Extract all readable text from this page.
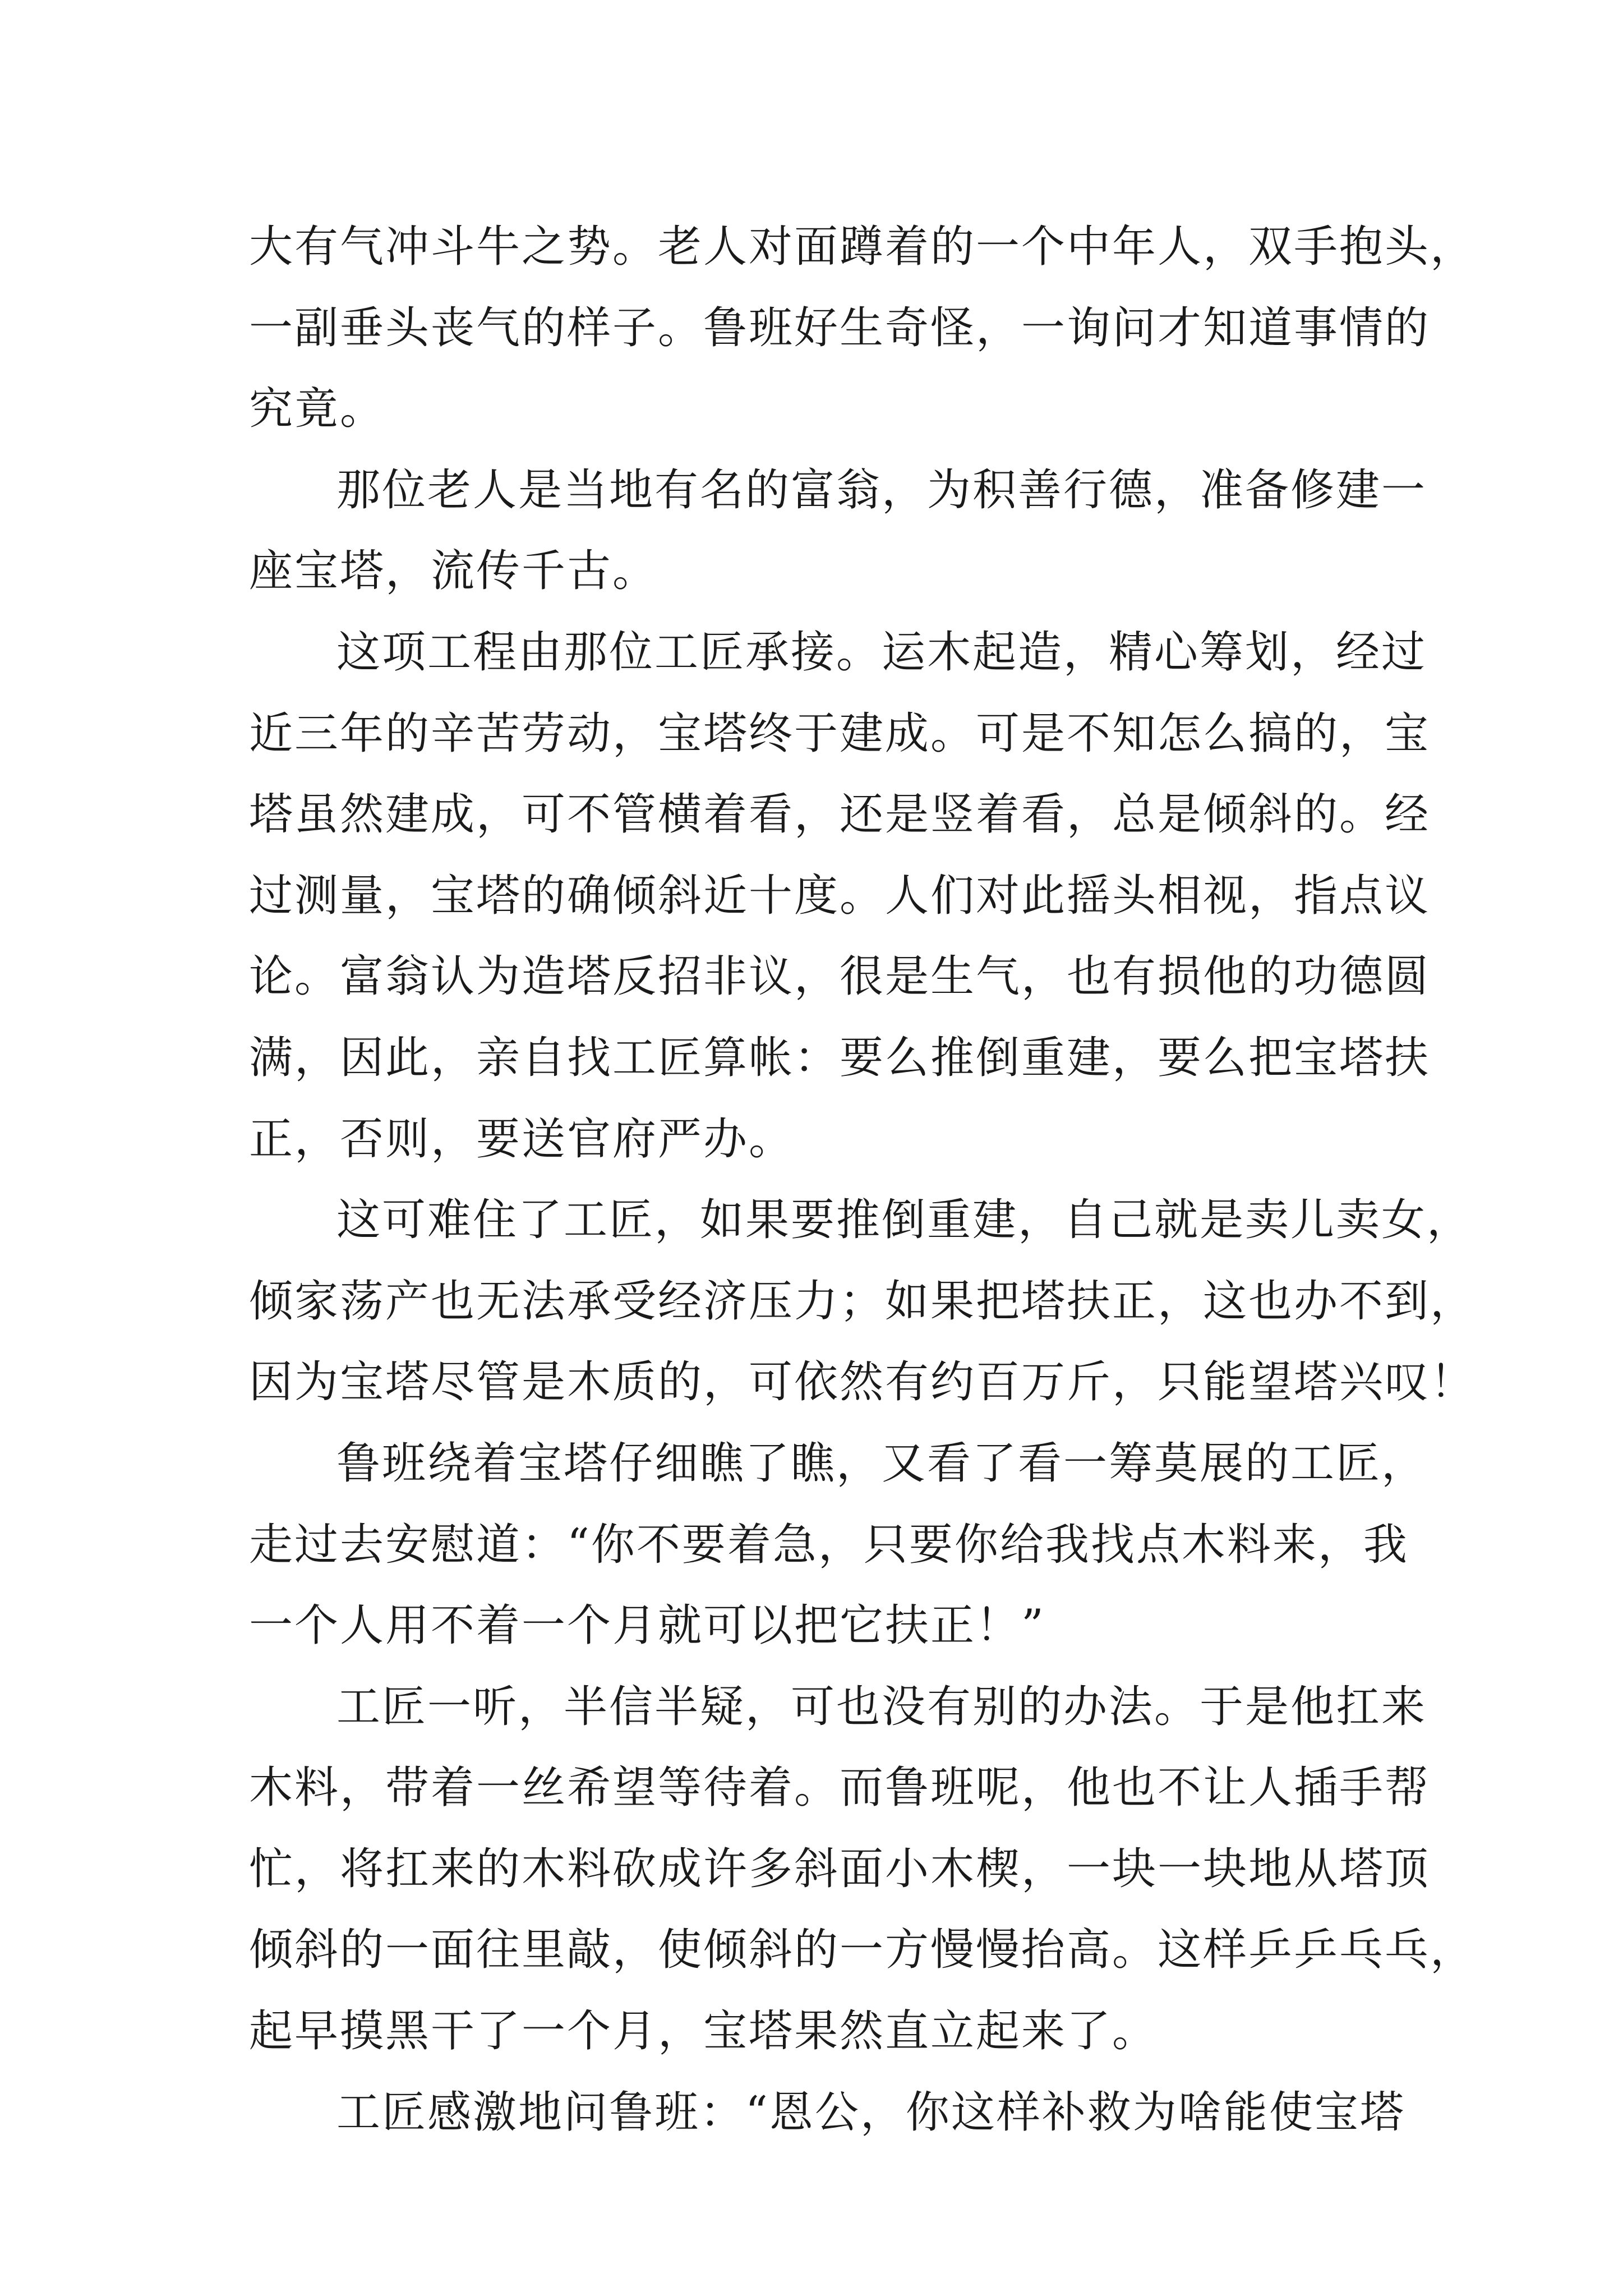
大有气冲斗牛之势。老人对面蹲着的一个中年人，双手抱头，
一副垂头丧气的样子。鲁班好生奇怪，一询问才知道事情的
究竟。

那位老人是当地有名的富翁，为积善行德，准备修建一
座宝塔，流传千古。

这项工程由那位工匠承接。运木起造，精心筹划，经过
近三年的辛苦劳动，宝塔终于建成。可是不知怎么搞的，宝
塔虽然建成，可不管横着看，还是竖着看，总是倾斜的。经
过测量，宝塔的确倾斜近十度。人们对此摇头相视，指点议
论。富翁认为造塔反招非议，很是生气，也有损他的功德圆
满，因此，亲自找工匠算帐：要么推倒重建，要么把宝塔扶
正，否则，要送官府严办。

这可难住了工匠，如果要推倒重建，自己就是卖儿卖女，
倾家荡产也无法承受经济压力；如果把塔扶正，这也办不到，
因为宝塔尽管是木质的，可依然有约百万斤，只能望塔兴叹！

鲁班绕着宝塔仔细瞧了瞧，又看了看一筹莫展的工匠，
走过去安慰道：“你不要着急，只要你给我找点木料来，我
一个人用不着一个月就可以把它扶正！”

工匠一听，半信半疑，可也没有别的办法。于是他扛来
木料，带着一丝希望等待着。而鲁班呢，他也不让人插手帮
忙，将扛来的木料砍成许多斜面小木楔，一块一块地从塔顶
倾斜的一面往里敲，使倾斜的一方慢慢抬高。这样乒乒乓乓，
起早摸黑干了一个月，宝塔果然直立起来了。

工匠感激地问鲁班：“恩公，你这样补救为啥能使宝塔
